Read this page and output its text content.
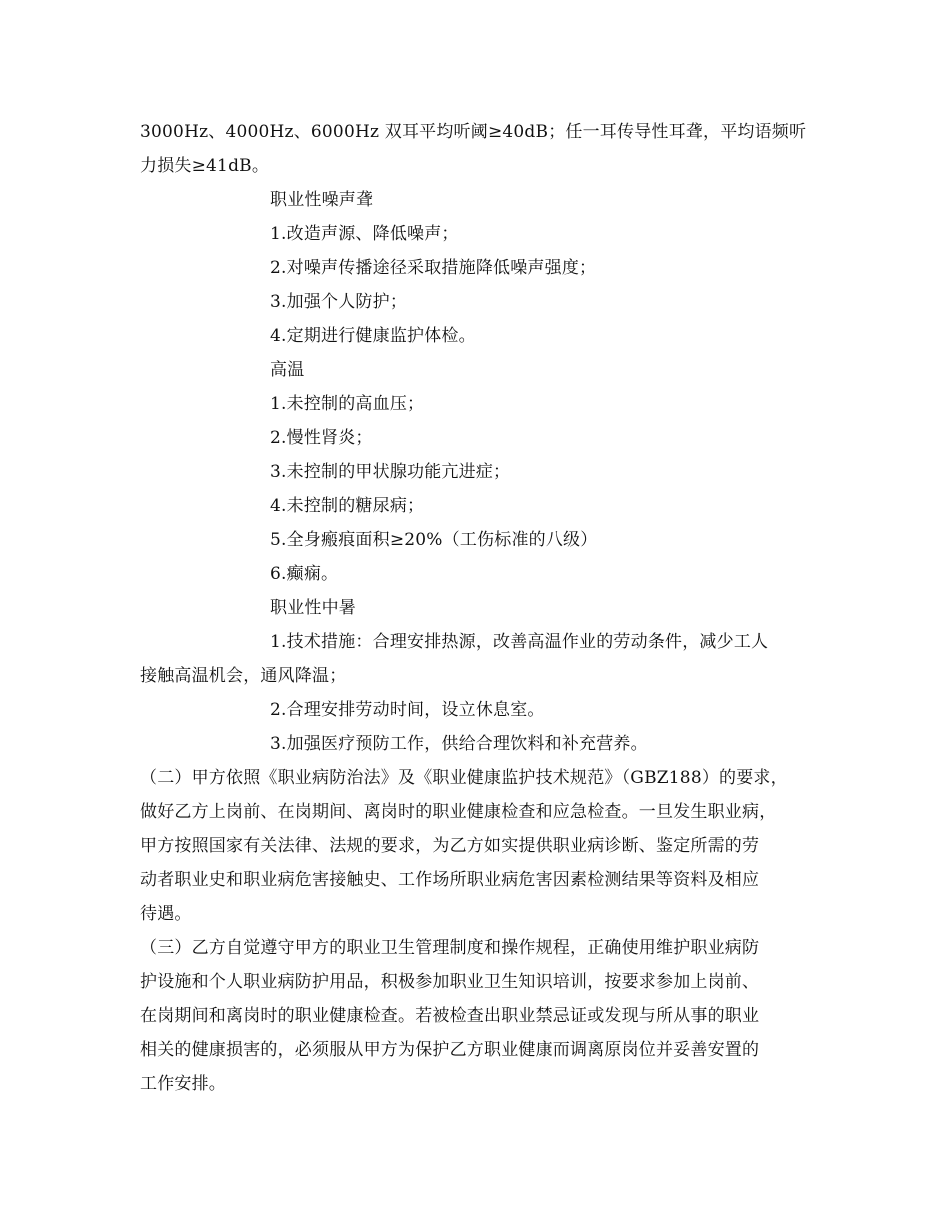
3000Hz、4000Hz、6000Hz 双耳平均听阈≥40dB；任一耳传导性耳聋，平均语频听
力损失≥41dB。
职业性噪声聋
1.改造声源、降低噪声；
2.对噪声传播途径采取措施降低噪声强度；
3.加强个人防护；
4.定期进行健康监护体检。
高温
1.未控制的高血压；
2.慢性肾炎；
3.未控制的甲状腺功能亢进症；
4.未控制的糖尿病；
5.全身瘢痕面积≥20%（工伤标准的八级）
6.癫痫。
职业性中暑
1.技术措施：合理安排热源，改善高温作业的劳动条件，减少工人
接触高温机会，通风降温；
2.合理安排劳动时间，设立休息室。
3.加强医疗预防工作，供给合理饮料和补充营养。
（二）甲方依照《职业病防治法》及《职业健康监护技术规范》（GBZ188）的要求，
做好乙方上岗前、在岗期间、离岗时的职业健康检查和应急检查。一旦发生职业病，
甲方按照国家有关法律、法规的要求，为乙方如实提供职业病诊断、鉴定所需的劳
动者职业史和职业病危害接触史、工作场所职业病危害因素检测结果等资料及相应
待遇。
（三）乙方自觉遵守甲方的职业卫生管理制度和操作规程，正确使用维护职业病防
护设施和个人职业病防护用品，积极参加职业卫生知识培训，按要求参加上岗前、
在岗期间和离岗时的职业健康检查。若被检查出职业禁忌证或发现与所从事的职业
相关的健康损害的，必须服从甲方为保护乙方职业健康而调离原岗位并妥善安置的
工作安排。
